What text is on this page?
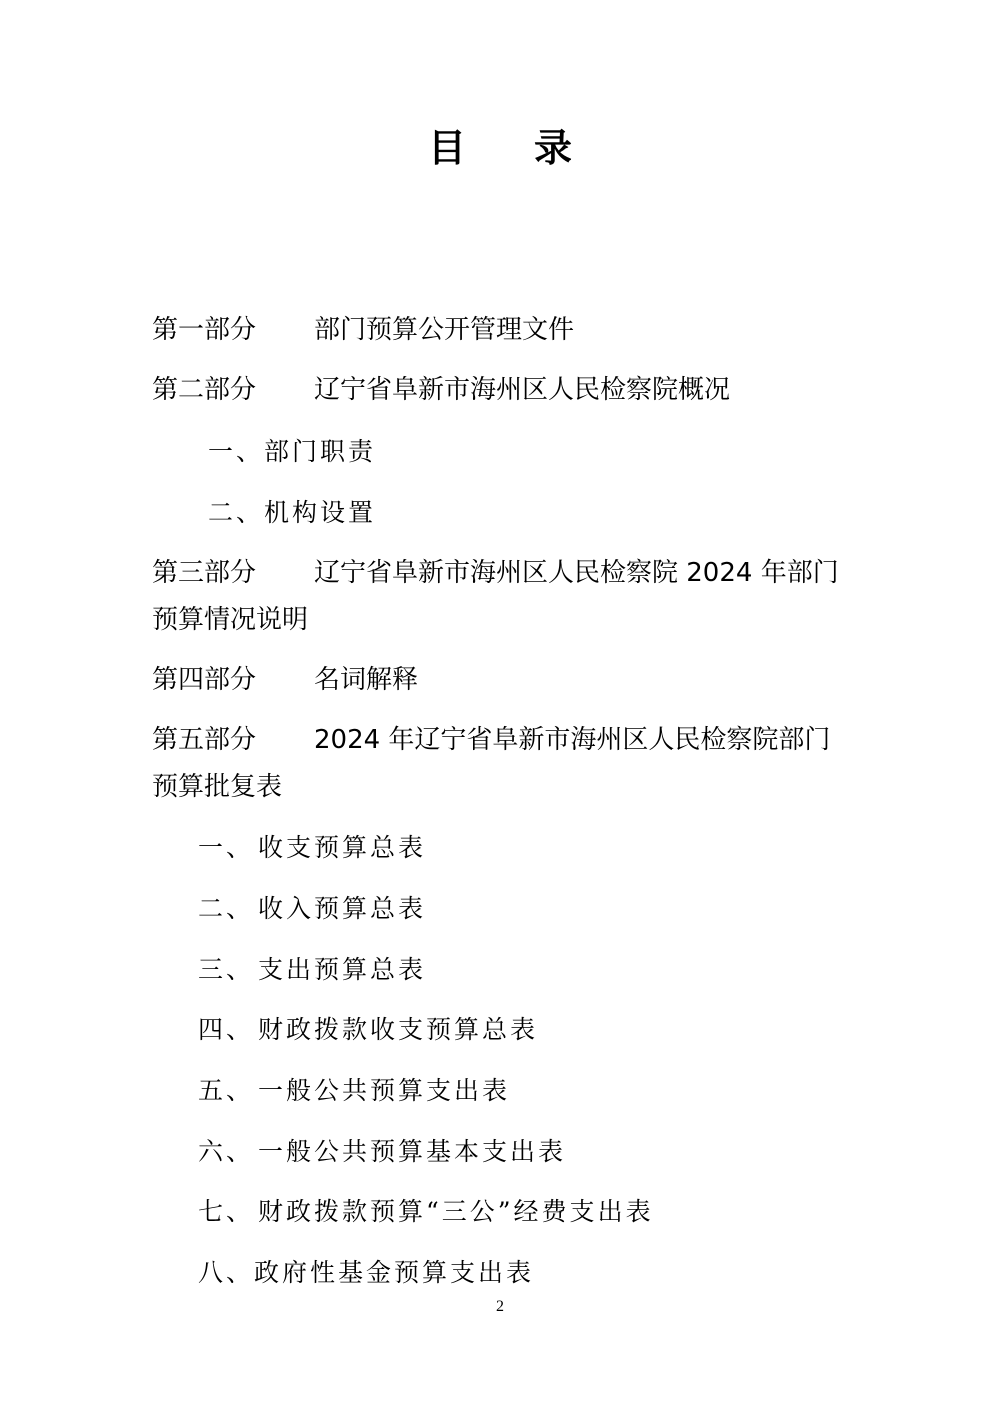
目录
第一部分 部门预算公开管理文件
第二部分 辽宁省阜新市海州区人民检察院概况
一、部门职责
二、机构设置
第三部分 辽宁省阜新市海州区人民检察院 2024 年部门
预算情况说明
第四部分 名词解释
第五部分 2024 年辽宁省阜新市海州区人民检察院部门
预算批复表
一、 收支预算总表
二、 收入预算总表
三、 支出预算总表
四、 财政拨款收支预算总表
五、 一般公共预算支出表
六、 一般公共预算基本支出表
七、 财政拨款预算“三公”经费支出表
八、政府性基金预算支出表
2
